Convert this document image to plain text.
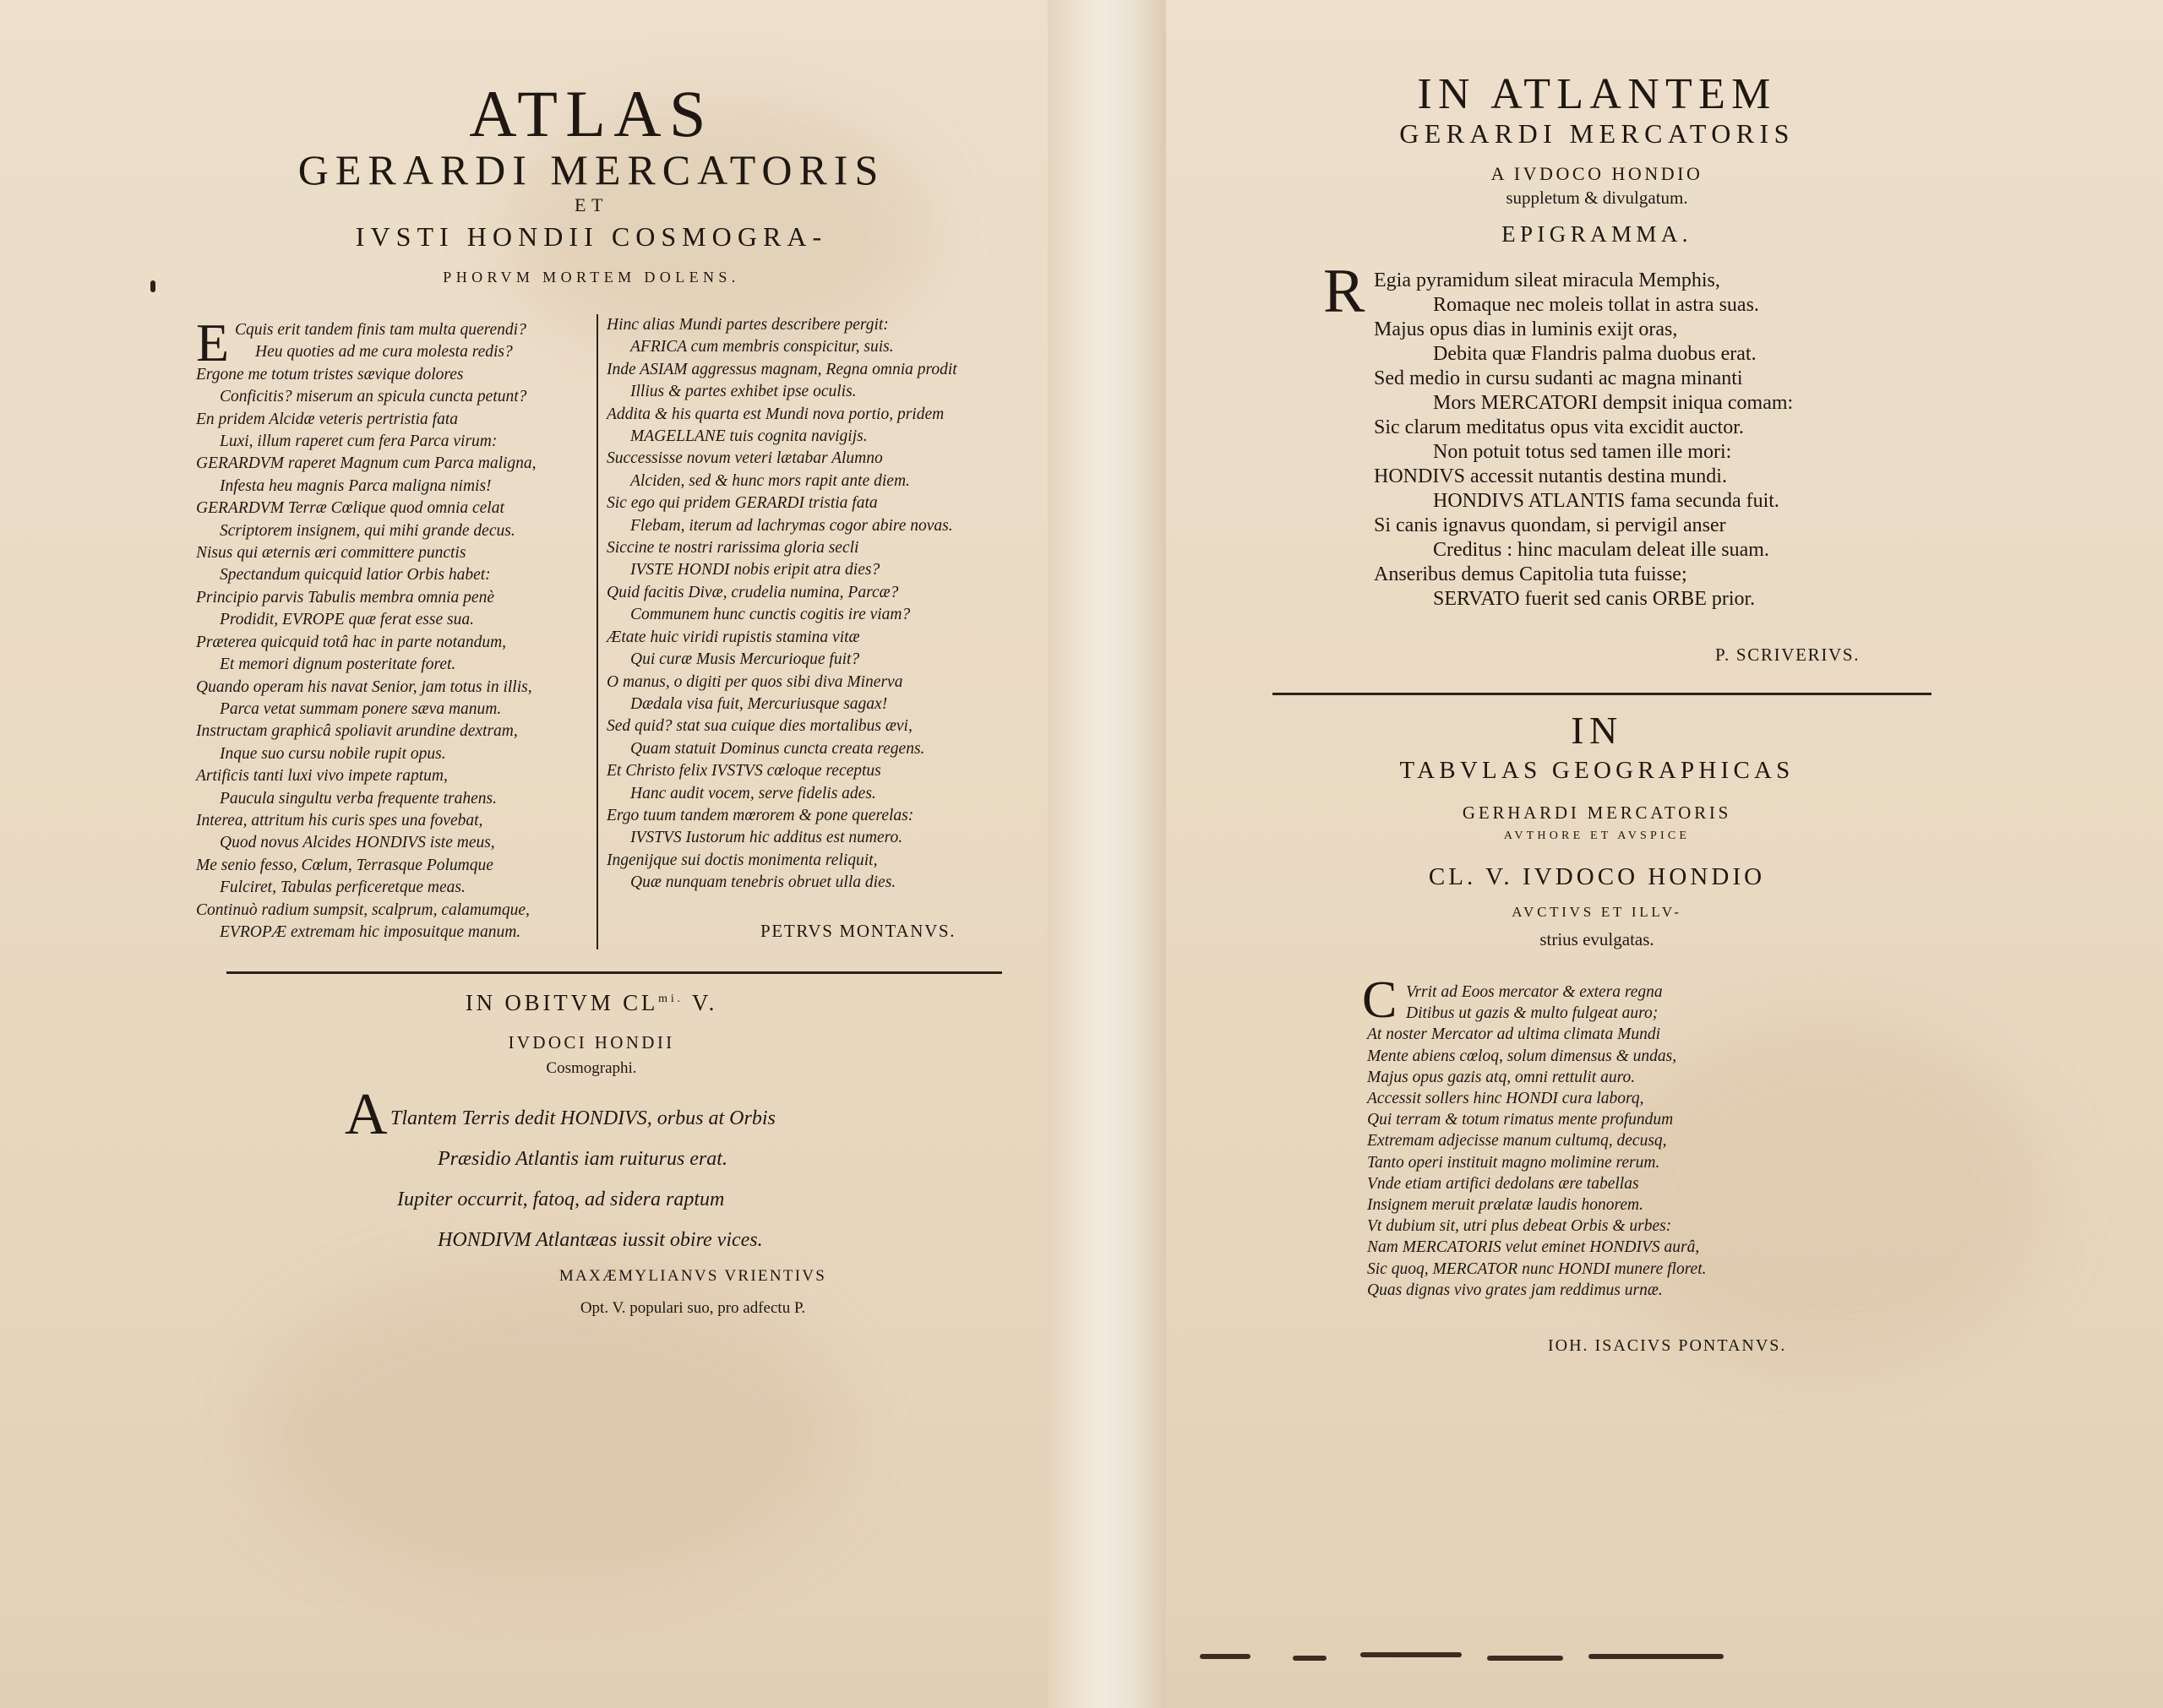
ATLAS
GERARDI MERCATORIS
ET
IVSTI HONDII COSMOGRA-
PHORVM MORTEM DOLENS.
E Cquis erit tandem finis tam multa querendi?
Heu quoties ad me cura molesta redis?
Ergone me totum tristes sævique dolores
Conficitis? miserum an spicula cuncta petunt?
En pridem Alcidæ veteris pertristia fata
Luxi, illum raperet cum fera Parca virum:
GERARDVM raperet Magnum cum Parca maligna,
Infesta heu magnis Parca maligna nimis!
GERARDVM Terræ Cœlique quod omnia celat
Scriptorem insignem, qui mihi grande decus.
Nisus qui æternis æri committere punctis
Spectandum quicquid latior Orbis habet:
Principio parvis Tabulis membra omnia penè
Prodidit, EVROPE quæ ferat esse sua.
Præterea quicquid totâ hac in parte notandum,
Et memori dignum posteritate foret.
Quando operam his navat Senior, jam totus in illis,
Parca vetat summam ponere sæva manum.
Instructam graphicâ spoliavit arundine dextram,
Inque suo cursu nobile rupit opus.
Artificis tanti luxi vivo impete raptum,
Paucula singultu verba frequente trahens.
Interea, attritum his curis spes una fovebat,
Quod novus Alcides HONDIVS iste meus,
Me senio fesso, Cœlum, Terrasque Polumque
Fulciret, Tabulas perficeretque meas.
Continuò radium sumpsit, scalprum, calamumque,
EVROPÆ extremam hic imposuitque manum.
Hinc alias Mundi partes describere pergit:
AFRICA cum membris conspicitur, suis.
Inde ASIAM aggressus magnam, Regna omnia prodit
Illius & partes exhibet ipse oculis.
Addita & his quarta est Mundi nova portio, pridem
MAGELLANE tuis cognita navigijs.
Successisse novum veteri lætabar Alumno
Alciden, sed & hunc mors rapit ante diem.
Sic ego qui pridem GERARDI tristia fata
Flebam, iterum ad lachrymas cogor abire novas.
Siccine te nostri rarissima gloria secli
IVSTE HONDI nobis eripit atra dies?
Quid facitis Divæ, crudelia numina, Parcæ?
Communem hunc cunctis cogitis ire viam?
Ætate huic viridi rupistis stamina vitæ
Qui curæ Musis Mercurioque fuit?
O manus, o digiti per quos sibi diva Minerva
Dædala visa fuit, Mercuriusque sagax!
Sed quid? stat sua cuique dies mortalibus ævi,
Quam statuit Dominus cuncta creata regens.
Et Christo felix IVSTVS cœloque receptus
Hanc audit vocem, serve fidelis ades.
Ergo tuum tandem mœrorem & pone querelas:
IVSTVS Iustorum hic additus est numero.
Ingenijque sui doctis monimenta reliquit,
Quæ nunquam tenebris obruet ulla dies.
PETRVS MONTANVS.
IN OBITVM $CL^{mi.}$ V.
IVDOCI HONDII
Cosmographi.
A Tlantem Terris dedit HONDIVS, orbus at Orbis
Præsidio Atlantis iam ruiturus erat.
Iupiter occurrit, fatoq, ad sidera raptum
HONDIVM Atlantæas iussit obire vices.
MAXÆMYLIANVS VRIENTIVS
Opt. V. populari suo, pro adfectu P.
IN ATLANTEM
GERARDI MERCATORIS
A IVDOCO HONDIO
suppletum & divulgatum.
EPIGRAMMA.
R Egia pyramidum sileat miracula Memphis,
Romaque nec moleis tollat in astra suas.
Majus opus dias in luminis exijt oras,
Debita quæ Flandris palma duobus erat.
Sed medio in cursu sudanti ac magna minanti
Mors MERCATORI dempsit iniqua comam:
Sic clarum meditatus opus vita excidit auctor.
Non potuit totus sed tamen ille mori:
HONDIVS accessit nutantis destina mundi.
HONDIVS ATLANTIS fama secunda fuit.
Si canis ignavus quondam, si pervigil anser
Creditus : hinc maculam deleat ille suam.
Anseribus demus Capitolia tuta fuisse;
SERVATO fuerit sed canis ORBE prior.
P. SCRIVERIVS.
IN
TABVLAS GEOGRAPHICAS
GERHARDI MERCATORIS
AVTHORE ET AVSPICE
CL. V. IVDOCO HONDIO
AVCTIVS ET ILLV-
strius evulgatas.
C Vrrit ad Eoos mercator & extera regna
Ditibus ut gazis & multo fulgeat auro;
At noster Mercator ad ultima climata Mundi
Mente abiens cœloq, solum dimensus & undas,
Majus opus gazis atq, omni rettulit auro.
Accessit sollers hinc HONDI cura laborq,
Qui terram & totum rimatus mente profundum
Extremam adjecisse manum cultumq, decusq,
Tanto operi instituit magno molimine rerum.
Vnde etiam artifici dedolans ære tabellas
Insignem meruit prælatæ laudis honorem.
Vt dubium sit, utri plus debeat Orbis & urbes:
Nam MERCATORIS velut eminet HONDIVS aurâ,
Sic quoq, MERCATOR nunc HONDI munere floret.
Quas dignas vivo grates jam reddimus urnæ.
IOH. ISACIVS PONTANVS.
